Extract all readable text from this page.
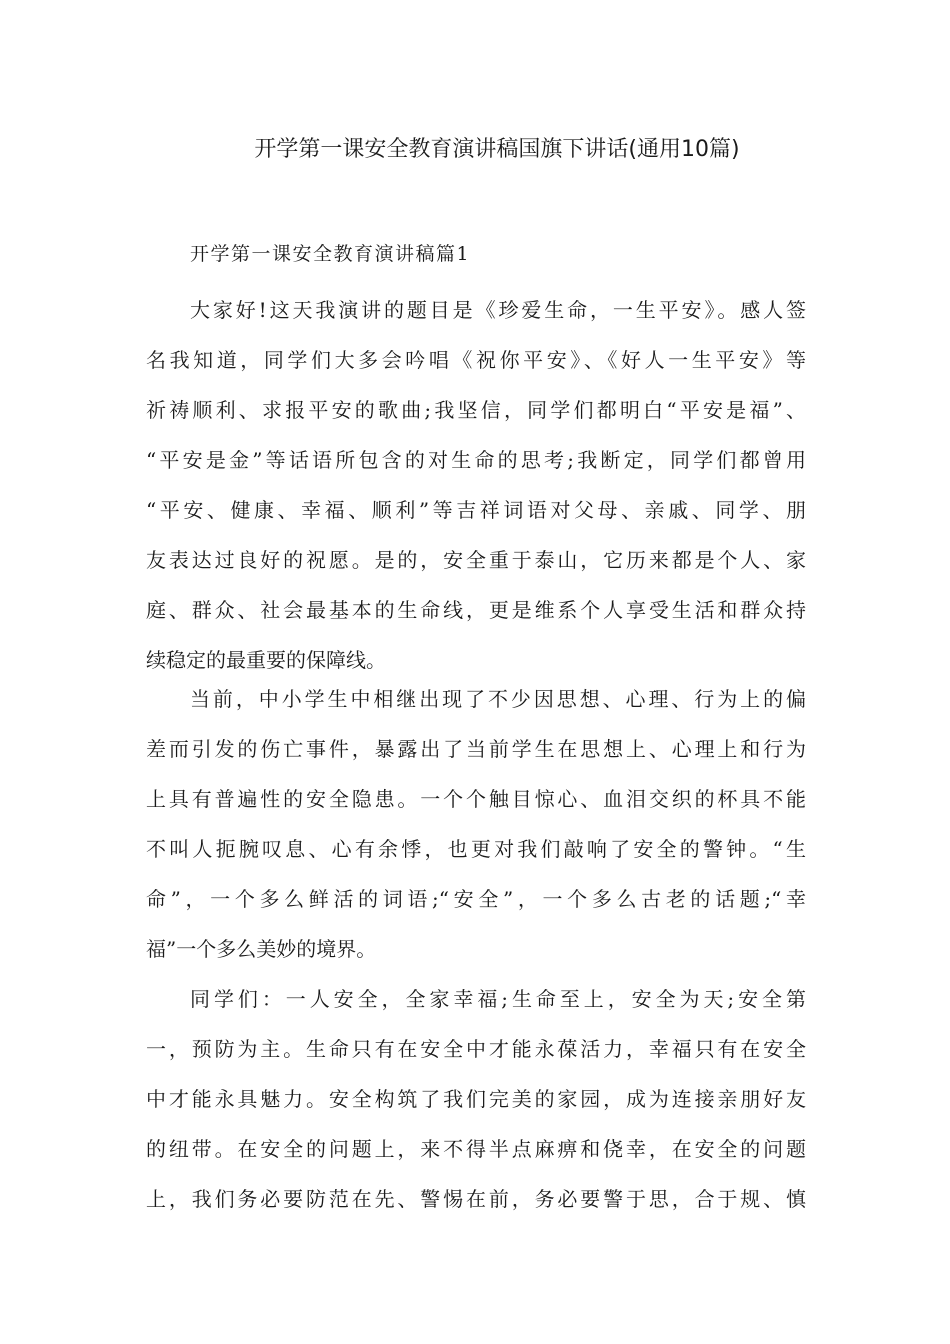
开学第一课安全教育演讲稿国旗下讲话(通用10篇)
开学第一课安全教育演讲稿篇1
大家好!这天我演讲的题目是《珍爱生命，一生平安》。感人签
名我知道，同学们大多会吟唱《祝你平安》、《好人一生平安》等
祈祷顺利、求报平安的歌曲;我坚信，同学们都明白“平安是福”、
“平安是金”等话语所包含的对生命的思考;我断定，同学们都曾用
“平安、健康、幸福、顺利”等吉祥词语对父母、亲戚、同学、朋
友表达过良好的祝愿。是的，安全重于泰山，它历来都是个人、家
庭、群众、社会最基本的生命线，更是维系个人享受生活和群众持
续稳定的最重要的保障线。
当前，中小学生中相继出现了不少因思想、心理、行为上的偏
差而引发的伤亡事件，暴露出了当前学生在思想上、心理上和行为
上具有普遍性的安全隐患。一个个触目惊心、血泪交织的杯具不能
不叫人扼腕叹息、心有余悸，也更对我们敲响了安全的警钟。“生
命”，一个多么鲜活的词语;“安全”，一个多么古老的话题;“幸
福”一个多么美妙的境界。
同学们：一人安全，全家幸福;生命至上，安全为天;安全第
一，预防为主。生命只有在安全中才能永葆活力，幸福只有在安全
中才能永具魅力。安全构筑了我们完美的家园，成为连接亲朋好友
的纽带。在安全的问题上，来不得半点麻痹和侥幸，在安全的问题
上，我们务必要防范在先、警惕在前，务必要警于思，合于规、慎
